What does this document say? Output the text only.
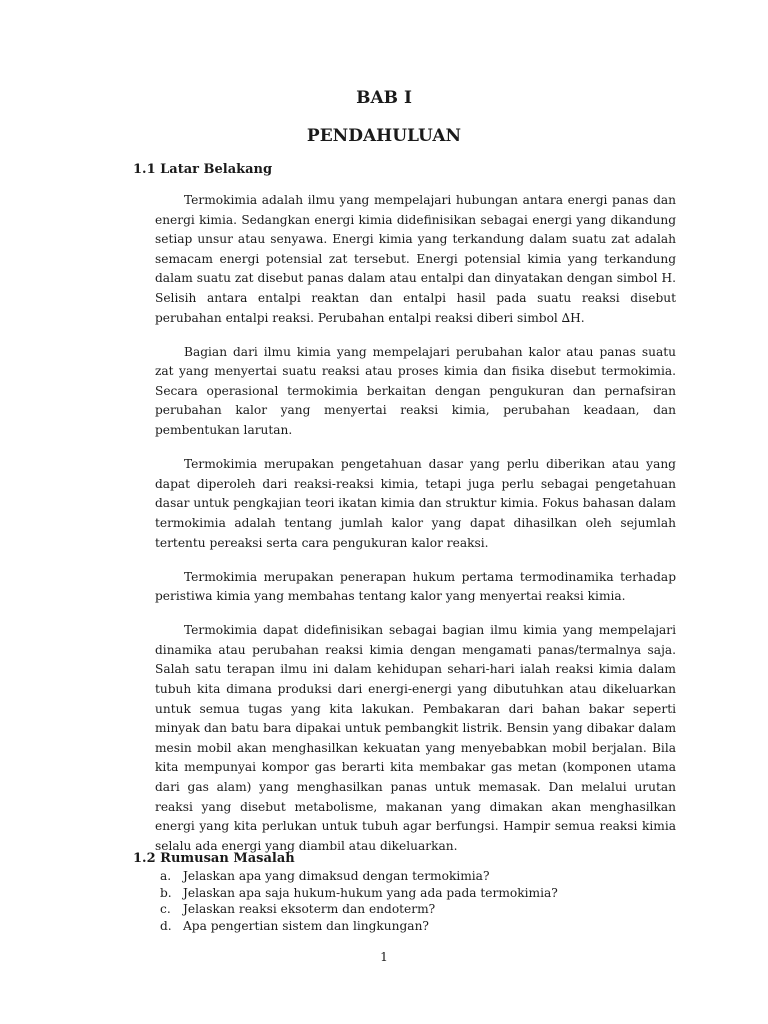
BAB I
PENDAHULUAN
1.1 Latar Belakang

Termokimia adalah ilmu yang mempelajari hubungan antara energi panas dan energi kimia. Sedangkan energi kimia didefinisikan sebagai energi yang dikandung setiap unsur atau senyawa. Energi kimia yang terkandung dalam suatu zat adalah semacam energi potensial zat tersebut. Energi potensial kimia yang terkandung dalam suatu zat disebut panas dalam atau entalpi dan dinyatakan dengan simbol H. Selisih antara entalpi reaktan dan entalpi hasil pada suatu reaksi disebut perubahan entalpi reaksi. Perubahan entalpi reaksi diberi simbol ∆H.

Bagian dari ilmu kimia yang mempelajari perubahan kalor atau panas suatu zat yang menyertai suatu reaksi atau proses kimia dan fisika disebut termokimia. Secara operasional termokimia berkaitan dengan pengukuran dan pernafsiran perubahan kalor yang menyertai reaksi kimia, perubahan keadaan, dan pembentukan larutan.

Termokimia merupakan pengetahuan dasar yang perlu diberikan atau yang dapat diperoleh dari reaksi-reaksi kimia, tetapi juga perlu sebagai pengetahuan dasar untuk pengkajian teori ikatan kimia dan struktur kimia. Fokus bahasan dalam termokimia adalah tentang jumlah kalor yang dapat dihasilkan oleh sejumlah tertentu pereaksi serta cara pengukuran kalor reaksi.

Termokimia merupakan penerapan hukum pertama termodinamika terhadap peristiwa kimia yang membahas tentang kalor yang menyertai reaksi kimia.

Termokimia dapat didefinisikan sebagai bagian ilmu kimia yang mempelajari dinamika atau perubahan reaksi kimia dengan mengamati panas/termalnya saja. Salah satu terapan ilmu ini dalam kehidupan sehari-hari ialah reaksi kimia dalam tubuh kita dimana produksi dari energi-energi yang dibutuhkan atau dikeluarkan untuk semua tugas yang kita lakukan. Pembakaran dari bahan bakar seperti minyak dan batu bara dipakai untuk pembangkit listrik. Bensin yang dibakar dalam mesin mobil akan menghasilkan kekuatan yang menyebabkan mobil berjalan. Bila kita mempunyai kompor gas berarti kita membakar gas metan (komponen utama dari gas alam) yang menghasilkan panas untuk memasak. Dan melalui urutan reaksi yang disebut metabolisme, makanan yang dimakan akan menghasilkan energi yang kita perlukan untuk tubuh agar berfungsi. Hampir semua reaksi kimia selalu ada energi yang diambil atau dikeluarkan.

1.2 Rumusan Masalah
a. Jelaskan apa yang dimaksud dengan termokimia?
b. Jelaskan apa saja hukum-hukum yang ada pada termokimia?
c.	Jelaskan reaksi eksoterm dan endoterm?
d. Apa pengertian sistem dan lingkungan?
1
